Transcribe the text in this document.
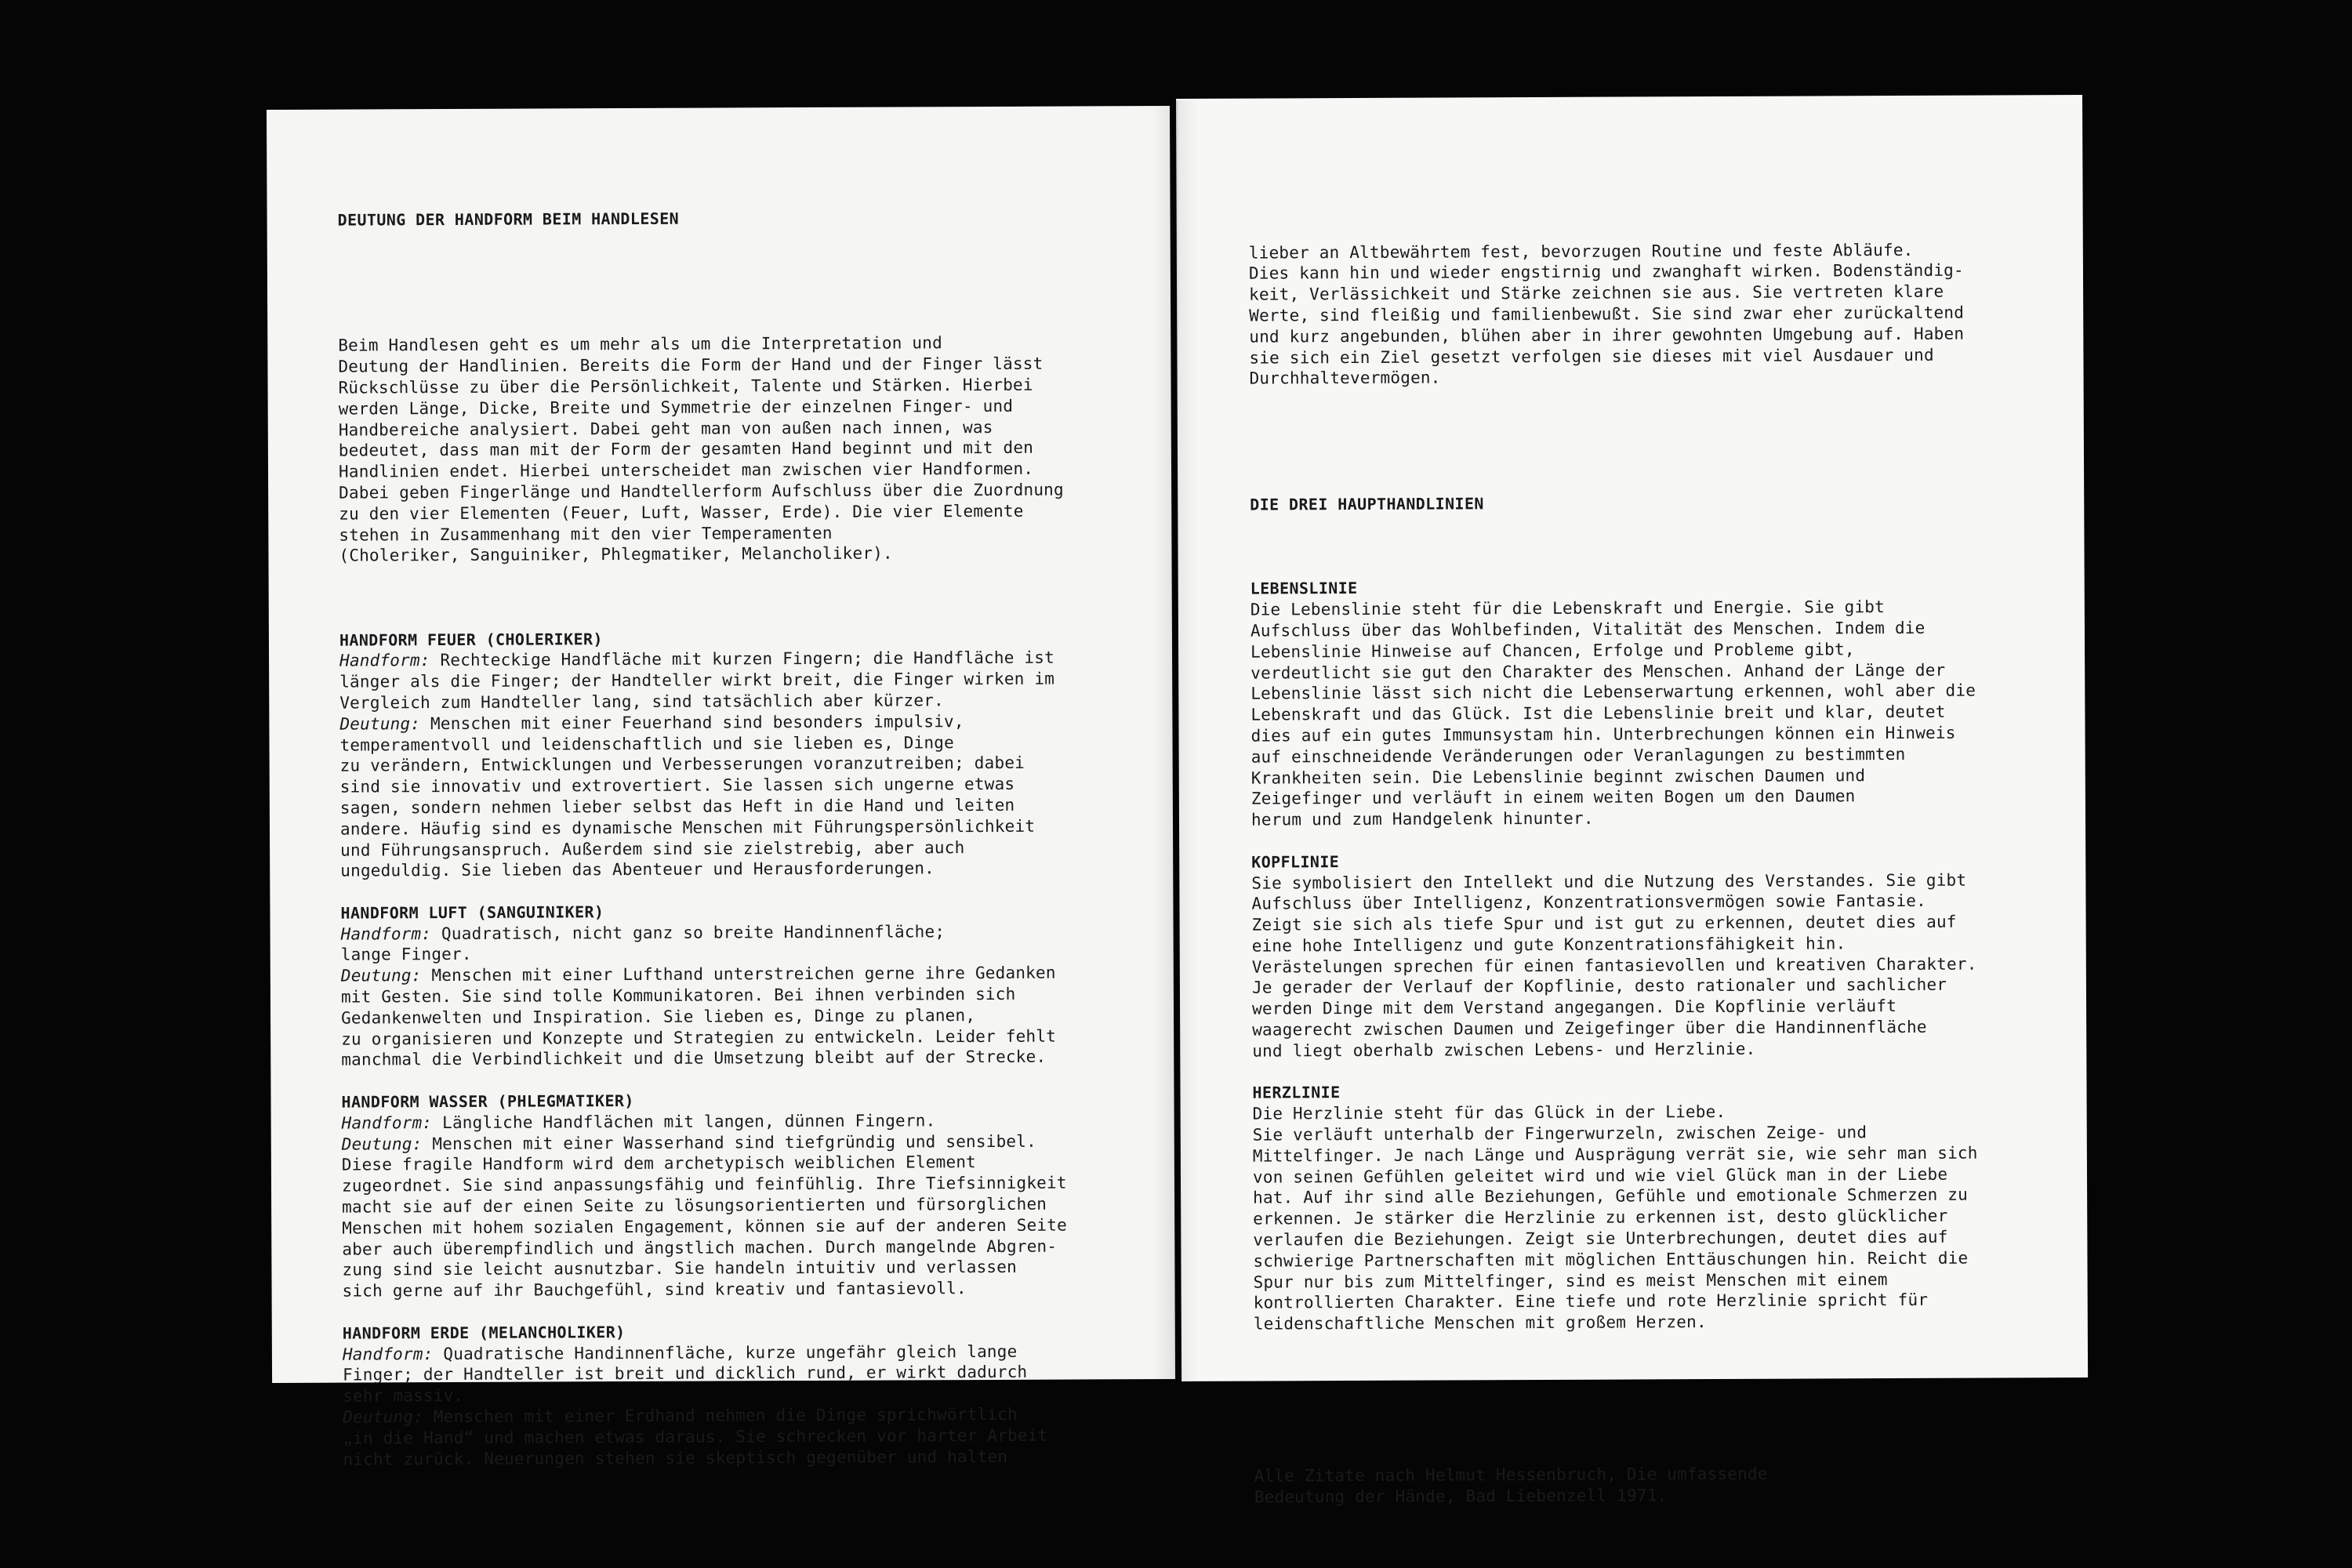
DEUTUNG DER HANDFORM BEIM HANDLESEN

Beim Handlesen geht es um mehr als um die Interpretation und
Deutung der Handlinien. Bereits die Form der Hand und der Finger lässt
Rückschlüsse zu über die Persönlichkeit, Talente und Stärken. Hierbei
werden Länge, Dicke, Breite und Symmetrie der einzelnen Finger- und
Handbereiche analysiert. Dabei geht man von außen nach innen, was
bedeutet, dass man mit der Form der gesamten Hand beginnt und mit den
Handlinien endet. Hierbei unterscheidet man zwischen vier Handformen.
Dabei geben Fingerlänge und Handtellerform Aufschluss über die Zuordnung
zu den vier Elementen (Feuer, Luft, Wasser, Erde). Die vier Elemente
stehen in Zusammenhang mit den vier Temperamenten
(Choleriker, Sanguiniker, Phlegmatiker, Melancholiker).

HANDFORM FEUER (CHOLERIKER)
Handform: Rechteckige Handfläche mit kurzen Fingern; die Handfläche ist
länger als die Finger; der Handteller wirkt breit, die Finger wirken im
Vergleich zum Handteller lang, sind tatsächlich aber kürzer.
Deutung: Menschen mit einer Feuerhand sind besonders impulsiv,
temperamentvoll und leidenschaftlich und sie lieben es, Dinge
zu verändern, Entwicklungen und Verbesserungen voranzutreiben; dabei
sind sie innovativ und extrovertiert. Sie lassen sich ungerne etwas
sagen, sondern nehmen lieber selbst das Heft in die Hand und leiten
andere. Häufig sind es dynamische Menschen mit Führungspersönlichkeit
und Führungsanspruch. Außerdem sind sie zielstrebig, aber auch
ungeduldig. Sie lieben das Abenteuer und Herausforderungen.
HANDFORM LUFT (SANGUINIKER)
Handform: Quadratisch, nicht ganz so breite Handinnenfläche;
lange Finger.
Deutung: Menschen mit einer Lufthand unterstreichen gerne ihre Gedanken
mit Gesten. Sie sind tolle Kommunikatoren. Bei ihnen verbinden sich
Gedankenwelten und Inspiration. Sie lieben es, Dinge zu planen,
zu organisieren und Konzepte und Strategien zu entwickeln. Leider fehlt
manchmal die Verbindlichkeit und die Umsetzung bleibt auf der Strecke.
HANDFORM WASSER (PHLEGMATIKER)
Handform: Längliche Handflächen mit langen, dünnen Fingern.
Deutung: Menschen mit einer Wasserhand sind tiefgründig und sensibel.
Diese fragile Handform wird dem archetypisch weiblichen Element
zugeordnet. Sie sind anpassungsfähig und feinfühlig. Ihre Tiefsinnigkeit
macht sie auf der einen Seite zu lösungsorientierten und fürsorglichen
Menschen mit hohem sozialen Engagement, können sie auf der anderen Seite
aber auch überempfindlich und ängstlich machen. Durch mangelnde Abgren-
zung sind sie leicht ausnutzbar. Sie handeln intuitiv und verlassen
sich gerne auf ihr Bauchgefühl, sind kreativ und fantasievoll.
HANDFORM ERDE (MELANCHOLIKER)
Handform: Quadratische Handinnenfläche, kurze ungefähr gleich lange
Finger; der Handteller ist breit und dicklich rund, er wirkt dadurch
sehr massiv.
Deutung: Menschen mit einer Erdhand nehmen die Dinge sprichwörtlich
„in die Hand“ und machen etwas daraus. Sie schrecken vor harter Arbeit
nicht zurück. Neuerungen stehen sie skeptisch gegenüber und halten

lieber an Altbewährtem fest, bevorzugen Routine und feste Abläufe.
Dies kann hin und wieder engstirnig und zwanghaft wirken. Bodenständig-
keit, Verlässichkeit und Stärke zeichnen sie aus. Sie vertreten klare
Werte, sind fleißig und familienbewußt. Sie sind zwar eher zurückaltend
und kurz angebunden, blühen aber in ihrer gewohnten Umgebung auf. Haben
sie sich ein Ziel gesetzt verfolgen sie dieses mit viel Ausdauer und
Durchhaltevermögen.

DIE DREI HAUPTHANDLINIEN

LEBENSLINIE
Die Lebenslinie steht für die Lebenskraft und Energie. Sie gibt
Aufschluss über das Wohlbefinden, Vitalität des Menschen. Indem die
Lebenslinie Hinweise auf Chancen, Erfolge und Probleme gibt,
verdeutlicht sie gut den Charakter des Menschen. Anhand der Länge der
Lebenslinie lässt sich nicht die Lebenserwartung erkennen, wohl aber die
Lebenskraft und das Glück. Ist die Lebenslinie breit und klar, deutet
dies auf ein gutes Immunsystam hin. Unterbrechungen können ein Hinweis
auf einschneidende Veränderungen oder Veranlagungen zu bestimmten
Krankheiten sein. Die Lebenslinie beginnt zwischen Daumen und
Zeigefinger und verläuft in einem weiten Bogen um den Daumen
herum und zum Handgelenk hinunter.
KOPFLINIE
Sie symbolisiert den Intellekt und die Nutzung des Verstandes. Sie gibt
Aufschluss über Intelligenz, Konzentrationsvermögen sowie Fantasie.
Zeigt sie sich als tiefe Spur und ist gut zu erkennen, deutet dies auf
eine hohe Intelligenz und gute Konzentrationsfähigkeit hin.
Verästelungen sprechen für einen fantasievollen und kreativen Charakter.
Je gerader der Verlauf der Kopflinie, desto rationaler und sachlicher
werden Dinge mit dem Verstand angegangen. Die Kopflinie verläuft
waagerecht zwischen Daumen und Zeigefinger über die Handinnenfläche
und liegt oberhalb zwischen Lebens- und Herzlinie.
HERZLINIE
Die Herzlinie steht für das Glück in der Liebe.
Sie verläuft unterhalb der Fingerwurzeln, zwischen Zeige- und
Mittelfinger. Je nach Länge und Ausprägung verrät sie, wie sehr man sich
von seinen Gefühlen geleitet wird und wie viel Glück man in der Liebe
hat. Auf ihr sind alle Beziehungen, Gefühle und emotionale Schmerzen zu
erkennen. Je stärker die Herzlinie zu erkennen ist, desto glücklicher
verlaufen die Beziehungen. Zeigt sie Unterbrechungen, deutet dies auf
schwierige Partnerschaften mit möglichen Enttäuschungen hin. Reicht die
Spur nur bis zum Mittelfinger, sind es meist Menschen mit einem
kontrollierten Charakter. Eine tiefe und rote Herzlinie spricht für
leidenschaftliche Menschen mit großem Herzen.

Alle Zitate nach Helmut Hessenbruch, Die umfassende
Bedeutung der Hände, Bad Liebenzell 1971.
